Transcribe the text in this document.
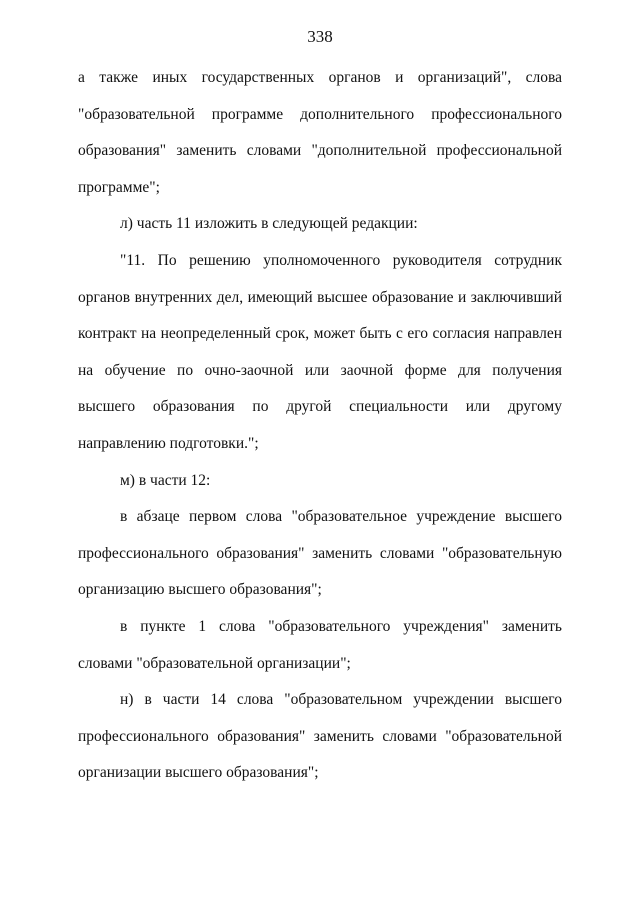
338

а также иных государственных органов и организаций", слова "образовательной программе дополнительного профессионального образования" заменить словами "дополнительной профессиональной программе";

л) часть 11 изложить в следующей редакции:

"11. По решению уполномоченного руководителя сотрудник органов внутренних дел, имеющий высшее образование и заключивший контракт на неопределенный срок, может быть с его согласия направлен на обучение по очно-заочной или заочной форме для получения высшего образования по другой специальности или другому направлению подготовки.";

м) в части 12:

в абзаце первом слова "образовательное учреждение высшего профессионального образования" заменить словами "образовательную организацию высшего образования";

в пункте 1 слова "образовательного учреждения" заменить словами "образовательной организации";

н) в части 14 слова "образовательном учреждении высшего профессионального образования" заменить словами "образовательной организации высшего образования";
